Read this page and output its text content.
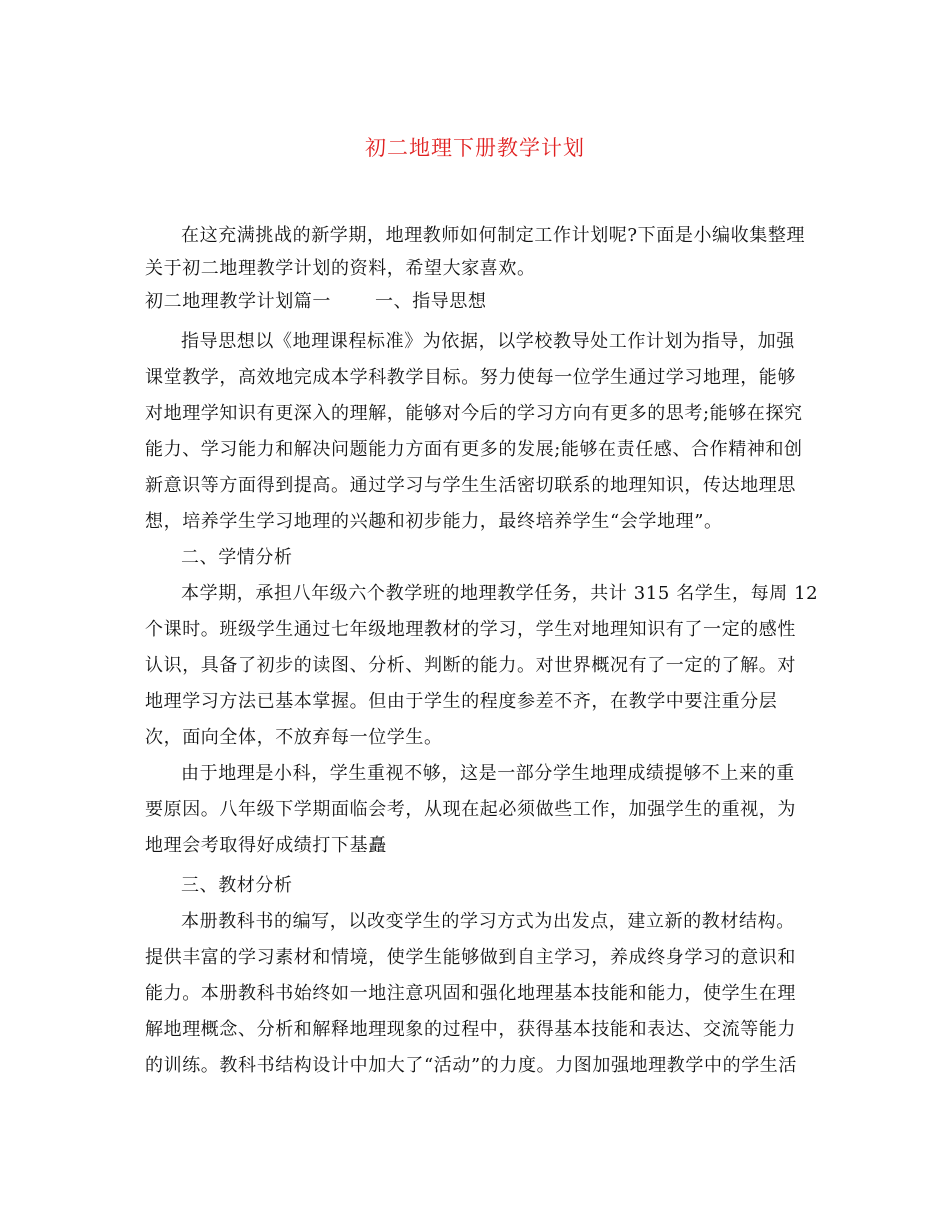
初二地理下册教学计划
在这充满挑战的新学期，地理教师如何制定工作计划呢?下面是小编收集整理
关于初二地理教学计划的资料，希望大家喜欢。
初二地理教学计划篇一 一、指导思想
指导思想以《地理课程标准》为依据，以学校教导处工作计划为指导，加强
课堂教学，高效地完成本学科教学目标。努力使每一位学生通过学习地理，能够
对地理学知识有更深入的理解，能够对今后的学习方向有更多的思考;能够在探究
能力、学习能力和解决问题能力方面有更多的发展;能够在责任感、合作精神和创
新意识等方面得到提高。通过学习与学生生活密切联系的地理知识，传达地理思
想，培养学生学习地理的兴趣和初步能力，最终培养学生“会学地理”。
二、学情分析
本学期，承担八年级六个教学班的地理教学任务，共计 315 名学生，每周 12
个课时。班级学生通过七年级地理教材的学习，学生对地理知识有了一定的感性
认识，具备了初步的读图、分析、判断的能力。对世界概况有了一定的了解。对
地理学习方法已基本掌握。但由于学生的程度参差不齐，在教学中要注重分层
次，面向全体，不放弃每一位学生。
由于地理是小科，学生重视不够，这是一部分学生地理成绩提够不上来的重
要原因。八年级下学期面临会考，从现在起必须做些工作，加强学生的重视，为
地理会考取得好成绩打下基矗
三、教材分析
本册教科书的编写，以改变学生的学习方式为出发点，建立新的教材结构。
提供丰富的学习素材和情境，使学生能够做到自主学习，养成终身学习的意识和
能力。本册教科书始终如一地注意巩固和强化地理基本技能和能力，使学生在理
解地理概念、分析和解释地理现象的过程中，获得基本技能和表达、交流等能力
的训练。教科书结构设计中加大了“活动”的力度。力图加强地理教学中的学生活
